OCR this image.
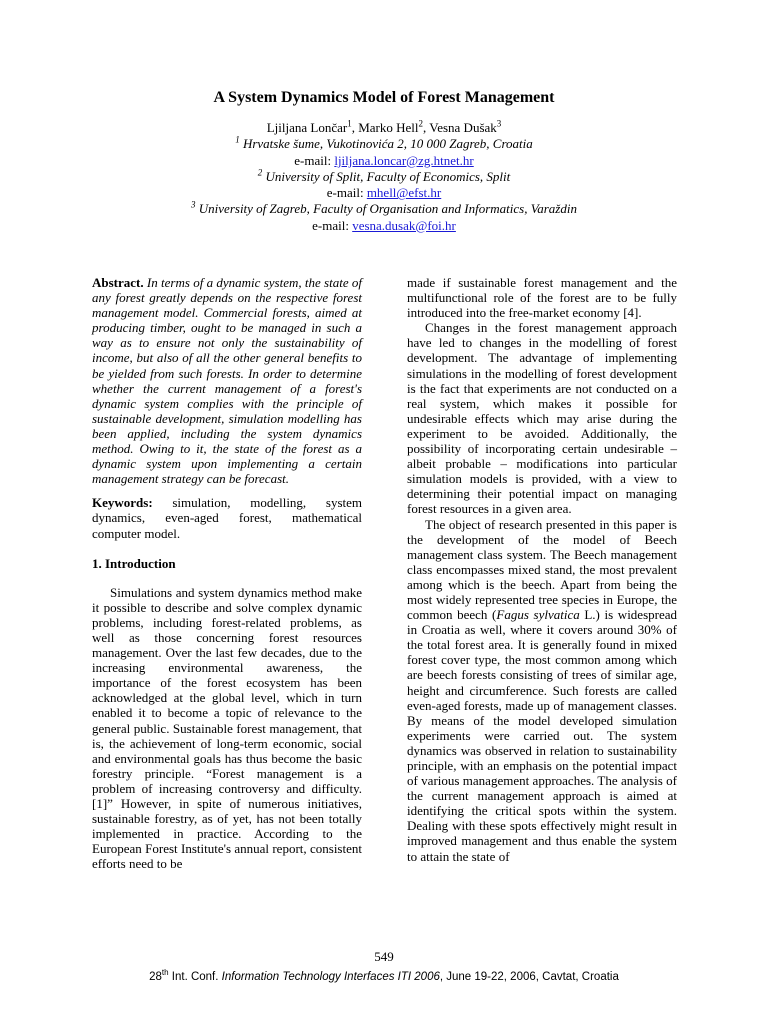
A System Dynamics Model of Forest Management
Ljiljana Lončar$^1$, Marko Hell$^2$, Vesna Dušak$^3$
$^1$ Hrvatske šume, Vukotinovića 2, 10 000 Zagreb, Croatia
e-mail: ljiljana.loncar@zg.htnet.hr
$^2$ University of Split, Faculty of Economics, Split
e-mail: mhell@efst.hr
$^3$ University of Zagreb, Faculty of Organisation and Informatics, Varaždin
e-mail: vesna.dusak@foi.hr

Abstract. In terms of a dynamic system, the state of any forest greatly depends on the respective forest management model. Commercial forests, aimed at producing timber, ought to be managed in such a way as to ensure not only the sustainability of income, but also of all the other general benefits to be yielded from such forests. In order to determine whether the current management of a forest's dynamic system complies with the principle of sustainable development, simulation modelling has been applied, including the system dynamics method. Owing to it, the state of the forest as a dynamic system upon implementing a certain management strategy can be forecast.

Keywords: simulation, modelling, system dynamics, even-aged forest, mathematical computer model.

1. Introduction

Simulations and system dynamics method make it possible to describe and solve complex dynamic problems, including forest-related problems, as well as those concerning forest resources management. Over the last few decades, due to the increasing environmental awareness, the importance of the forest ecosystem has been acknowledged at the global level, which in turn enabled it to become a topic of relevance to the general public. Sustainable forest management, that is, the achievement of long-term economic, social and environmental goals has thus become the basic forestry principle. “Forest management is a problem of increasing controversy and difficulty. [1]” However, in spite of numerous initiatives, sustainable forestry, as of yet, has not been totally implemented in practice. According to the European Forest Institute's annual report, consistent efforts need to be

made if sustainable forest management and the multifunctional role of the forest are to be fully introduced into the free-market economy [4].

Changes in the forest management approach have led to changes in the modelling of forest development. The advantage of implementing simulations in the modelling of forest development is the fact that experiments are not conducted on a real system, which makes it possible for undesirable effects which may arise during the experiment to be avoided. Additionally, the possibility of incorporating certain undesirable – albeit probable – modifications into particular simulation models is provided, with a view to determining their potential impact on managing forest resources in a given area.

The object of research presented in this paper is the development of the model of Beech management class system. The Beech management class encompasses mixed stand, the most prevalent among which is the beech. Apart from being the most widely represented tree species in Europe, the common beech (Fagus sylvatica L.) is widespread in Croatia as well, where it covers around 30% of the total forest area. It is generally found in mixed forest cover type, the most common among which are beech forests consisting of trees of similar age, height and circumference. Such forests are called even-aged forests, made up of management classes. By means of the model developed simulation experiments were carried out. The system dynamics was observed in relation to sustainability principle, with an emphasis on the potential impact of various management approaches. The analysis of the current management approach is aimed at identifying the critical spots within the system. Dealing with these spots effectively might result in improved management and thus enable the system to attain the state of

549
28th Int. Conf. Information Technology Interfaces ITI 2006, June 19-22, 2006, Cavtat, Croatia
